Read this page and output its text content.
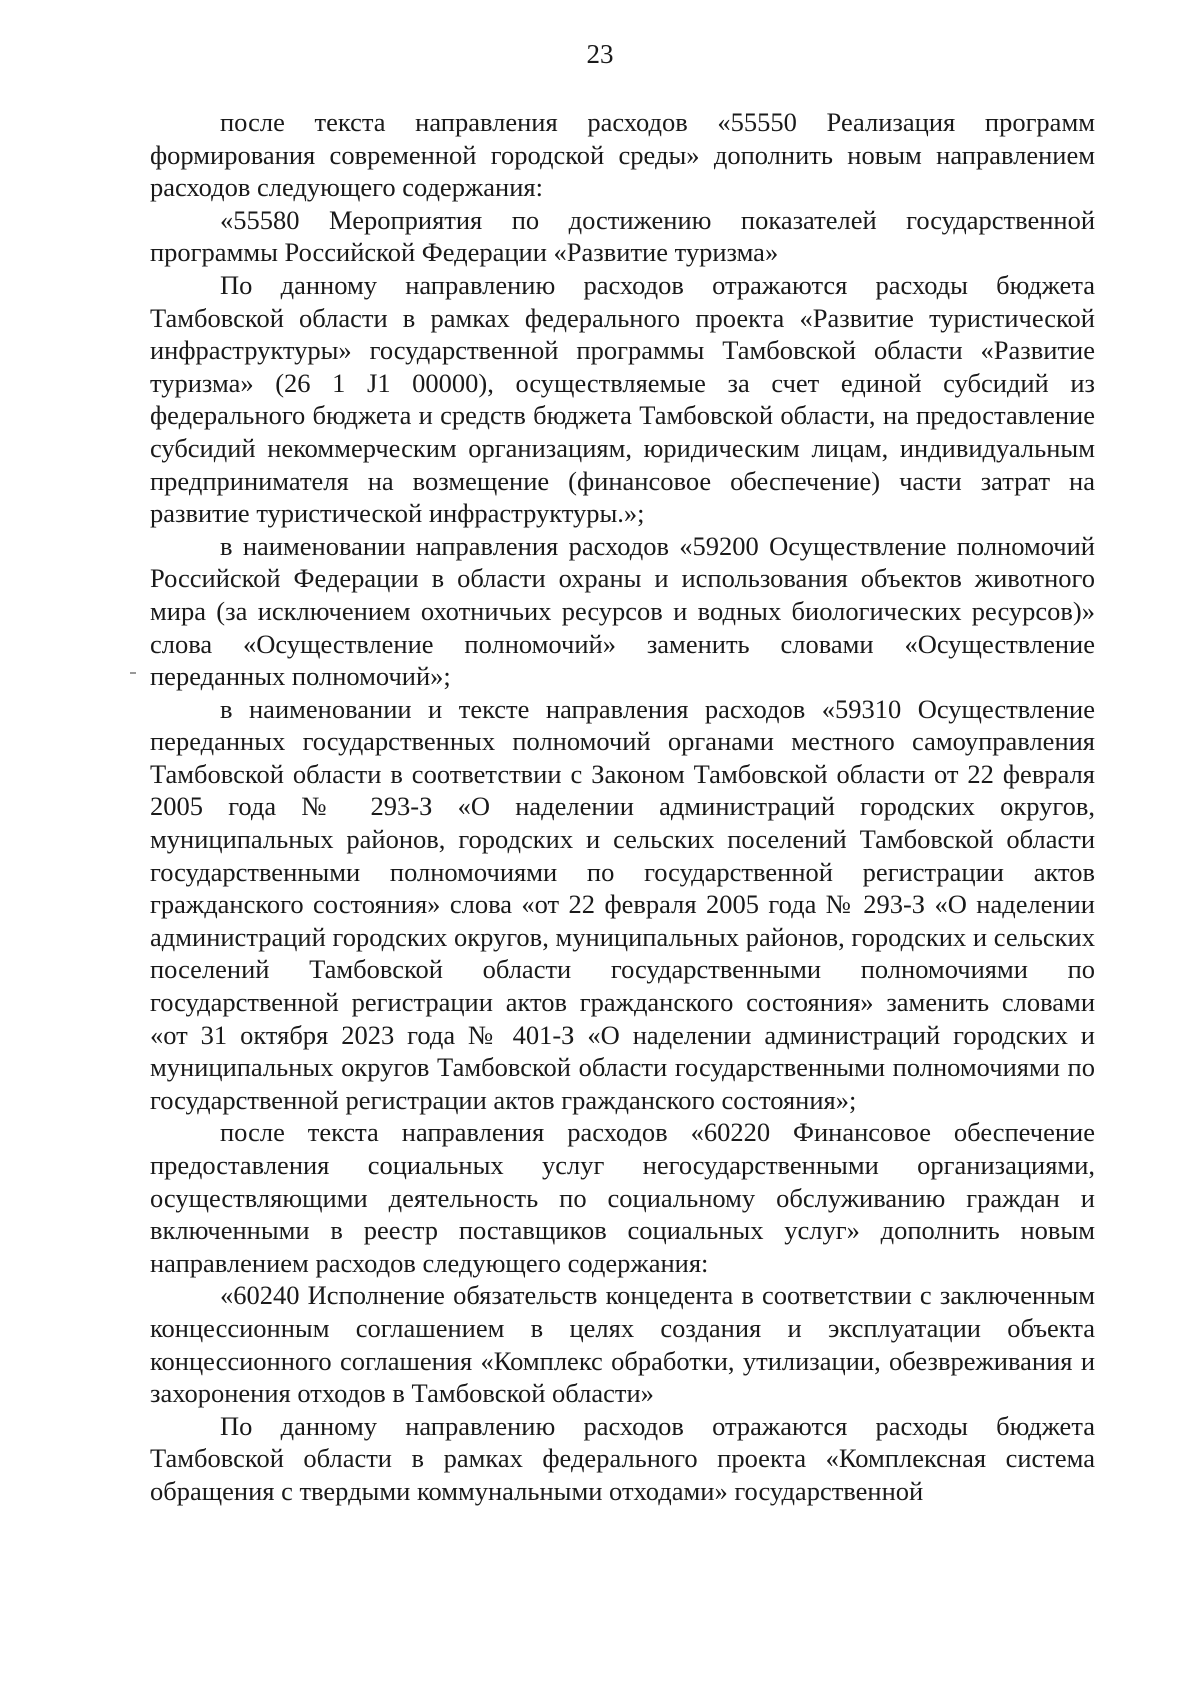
23

после текста направления расходов «55550 Реализация программ формирования современной городской среды» дополнить новым направлением расходов следующего содержания:

«55580 Мероприятия по достижению показателей государственной программы Российской Федерации «Развитие туризма»

По данному направлению расходов отражаются расходы бюджета Тамбовской области в рамках федерального проекта «Развитие туристической инфраструктуры» государственной программы Тамбовской области «Развитие туризма» (26 1 J1 00000), осуществляемые за счет единой субсидий из федерального бюджета и средств бюджета Тамбовской области, на предоставление субсидий некоммерческим организациям, юридическим лицам, индивидуальным предпринимателя на возмещение (финансовое обеспечение) части затрат на развитие туристической инфраструктуры.»;

в наименовании направления расходов «59200 Осуществление полномочий Российской Федерации в области охраны и использования объектов животного мира (за исключением охотничьих ресурсов и водных биологических ресурсов)» слова «Осуществление полномочий» заменить словами «Осуществление переданных полномочий»;

в наименовании и тексте направления расходов «59310 Осуществление переданных государственных полномочий органами местного самоуправления Тамбовской области в соответствии с Законом Тамбовской области от 22 февраля 2005 года № 293-З «О наделении администраций городских округов, муниципальных районов, городских и сельских поселений Тамбовской области государственными полномочиями по государственной регистрации актов гражданского состояния» слова «от 22 февраля 2005 года № 293-З «О наделении администраций городских округов, муниципальных районов, городских и сельских поселений Тамбовской области государственными полномочиями по государственной регистрации актов гражданского состояния» заменить словами «от 31 октября 2023 года № 401-З «О наделении администраций городских и муниципальных округов Тамбовской области государственными полномочиями по государственной регистрации актов гражданского состояния»;

после текста направления расходов «60220 Финансовое обеспечение предоставления социальных услуг негосударственными организациями, осуществляющими деятельность по социальному обслуживанию граждан и включенными в реестр поставщиков социальных услуг» дополнить новым направлением расходов следующего содержания:

«60240 Исполнение обязательств концедента в соответствии с заключенным концессионным соглашением в целях создания и эксплуатации объекта концессионного соглашения «Комплекс обработки, утилизации, обезвреживания и захоронения отходов в Тамбовской области»

По данному направлению расходов отражаются расходы бюджета Тамбовской области в рамках федерального проекта «Комплексная система обращения с твердыми коммунальными отходами» государственной
